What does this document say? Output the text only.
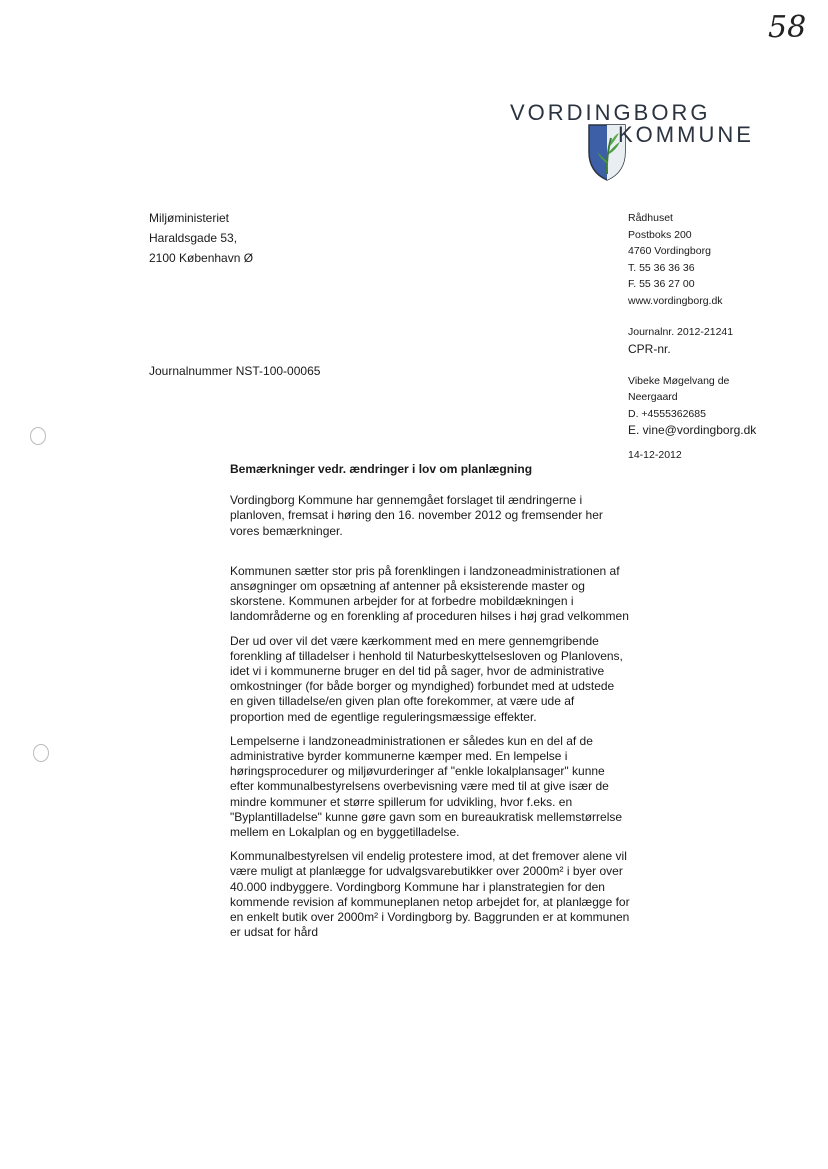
58
VORDINGBORG
KOMMUNE
Miljøministeriet
Haraldsgade 53,
2100 København Ø
Rådhuset
Postboks 200
4760 Vordingborg
T. 55 36 36 36
F. 55 36 27 00
www.vordingborg.dk
Journalnr. 2012-21241
CPR-nr.
Vibeke Møgelvang de
Neergaard
D. +4555362685
E. vine@vordingborg.dk
14-12-2012
Journalnummer NST-100-00065
Bemærkninger vedr. ændringer i lov om planlægning

Vordingborg Kommune har gennemgået forslaget til ændringerne i planloven, fremsat i høring den 16. november 2012 og fremsender her vores bemærkninger.

Kommunen sætter stor pris på forenklingen i landzoneadministrationen af ansøgninger om opsætning af antenner på eksisterende master og skorstene. Kommunen arbejder for at forbedre mobildækningen i landområderne og en forenkling af proceduren hilses i høj grad velkommen

Der ud over vil det være kærkomment med en mere gennemgribende forenkling af tilladelser i henhold til Naturbeskyttelsesloven og Planlovens, idet vi i kommunerne bruger en del tid på sager, hvor de administrative omkostninger (for både borger og myndighed) forbundet med at udstede en given tilladelse/en given plan ofte forekommer, at være ude af proportion med de egentlige reguleringsmæssige effekter.

Lempelserne i landzoneadministrationen er således kun en del af de administrative byrder kommunerne kæmper med. En lempelse i høringsprocedurer og miljøvurderinger af "enkle lokalplansager" kunne efter kommunalbestyrelsens overbevisning være med til at give især de mindre kommuner et større spillerum for udvikling, hvor f.eks. en "Byplantilladelse" kunne gøre gavn som en bureaukratisk mellemstørrelse mellem en Lokalplan og en byggetilladelse.

Kommunalbestyrelsen vil endelig protestere imod, at det fremover alene vil være muligt at planlægge for udvalgsvarebutikker over 2000m² i byer over 40.000 indbyggere. Vordingborg Kommune har i planstrategien for den kommende revision af kommuneplanen netop arbejdet for, at planlægge for en enkelt butik over 2000m² i Vordingborg by. Baggrunden er at kommunen er udsat for hård
